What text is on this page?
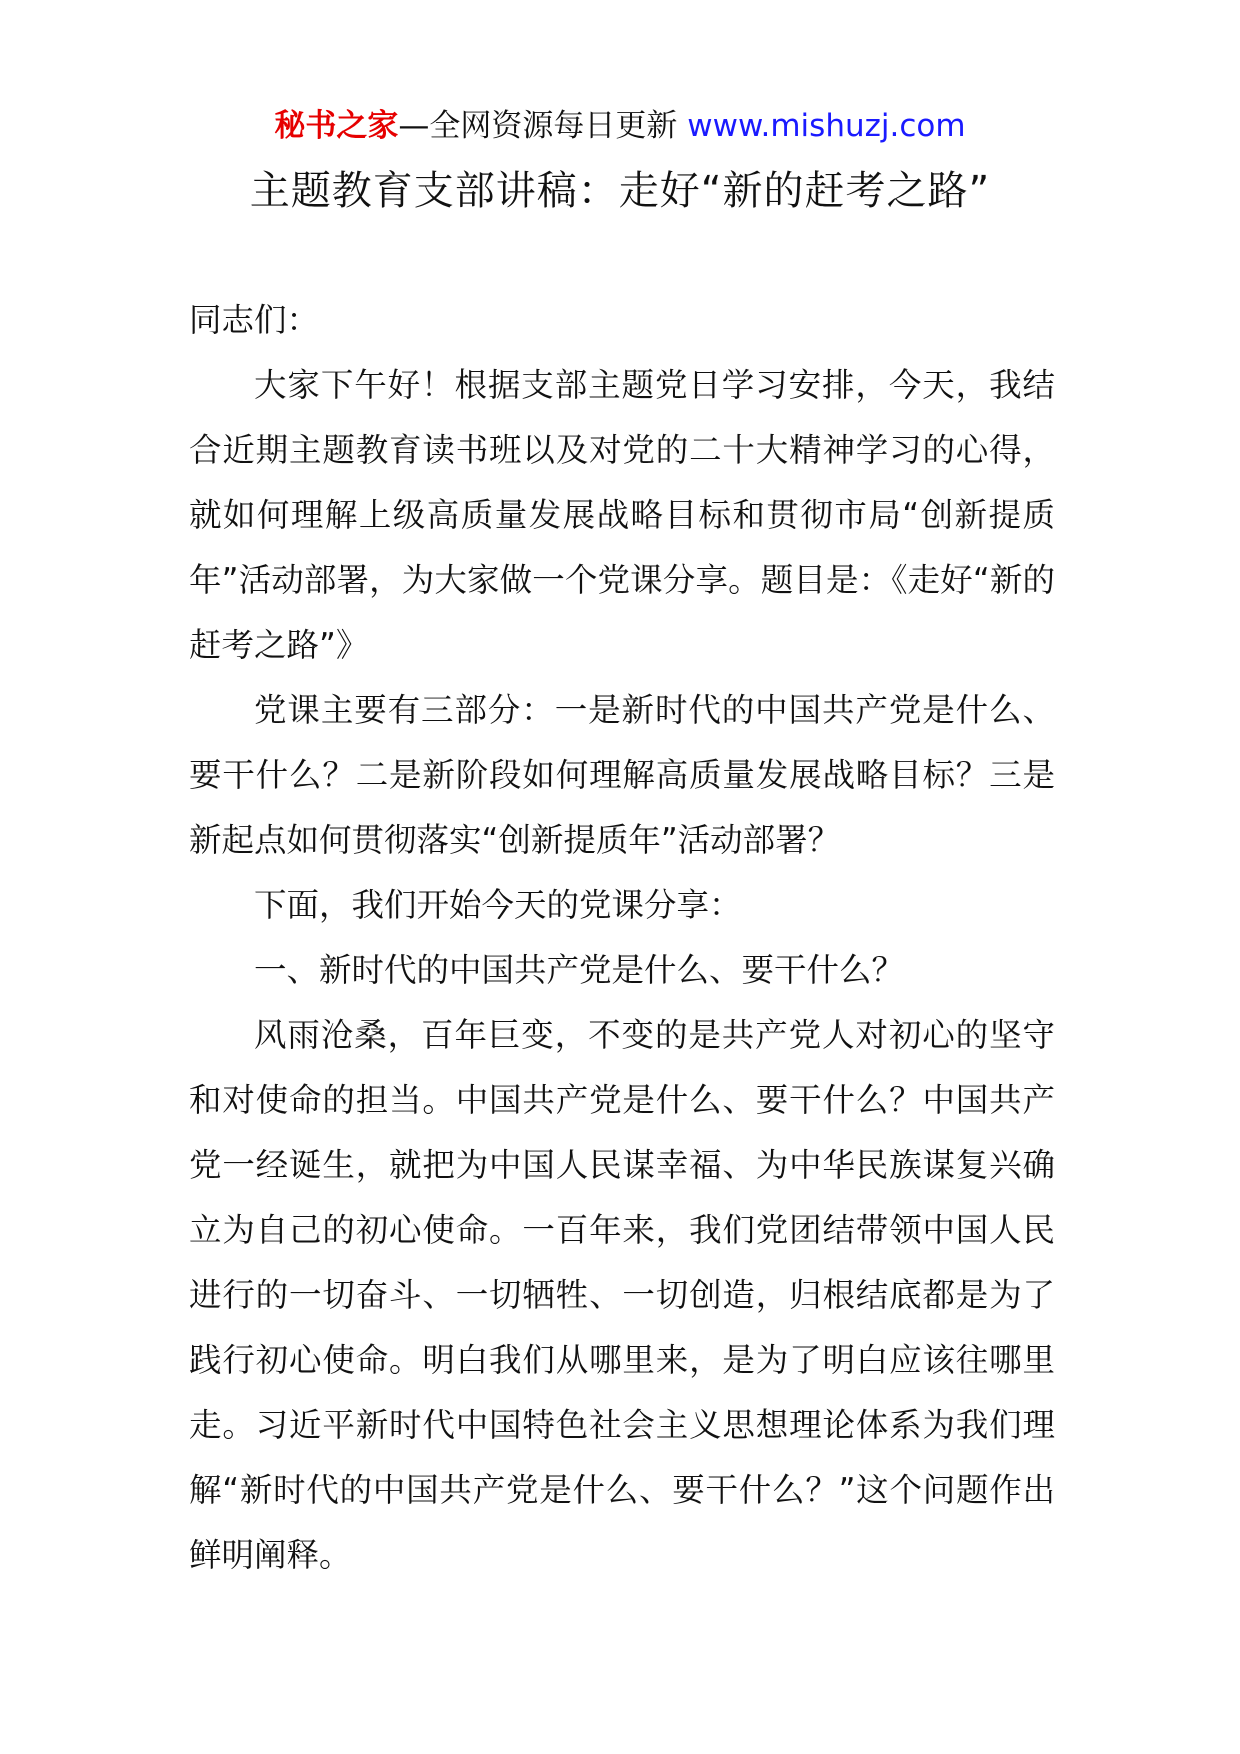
秘书之家—全网资源每日更新 www.mishuzj.com
主题教育支部讲稿：走好“新的赶考之路”

同志们：

大家下午好！根据支部主题党日学习安排，今天，我结合近期主题教育读书班以及对党的二十大精神学习的心得，就如何理解上级高质量发展战略目标和贯彻市局“创新提质年”活动部署，为大家做一个党课分享。题目是：《走好“新的赶考之路”》

党课主要有三部分：一是新时代的中国共产党是什么、要干什么？二是新阶段如何理解高质量发展战略目标？三是新起点如何贯彻落实“创新提质年”活动部署？

下面，我们开始今天的党课分享：

一、新时代的中国共产党是什么、要干什么？

风雨沧桑，百年巨变，不变的是共产党人对初心的坚守和对使命的担当。中国共产党是什么、要干什么？中国共产党一经诞生，就把为中国人民谋幸福、为中华民族谋复兴确立为自己的初心使命。一百年来，我们党团结带领中国人民进行的一切奋斗、一切牺牲、一切创造，归根结底都是为了践行初心使命。明白我们从哪里来，是为了明白应该往哪里走。习近平新时代中国特色社会主义思想理论体系为我们理解“新时代的中国共产党是什么、要干什么？”这个问题作出鲜明阐释。
